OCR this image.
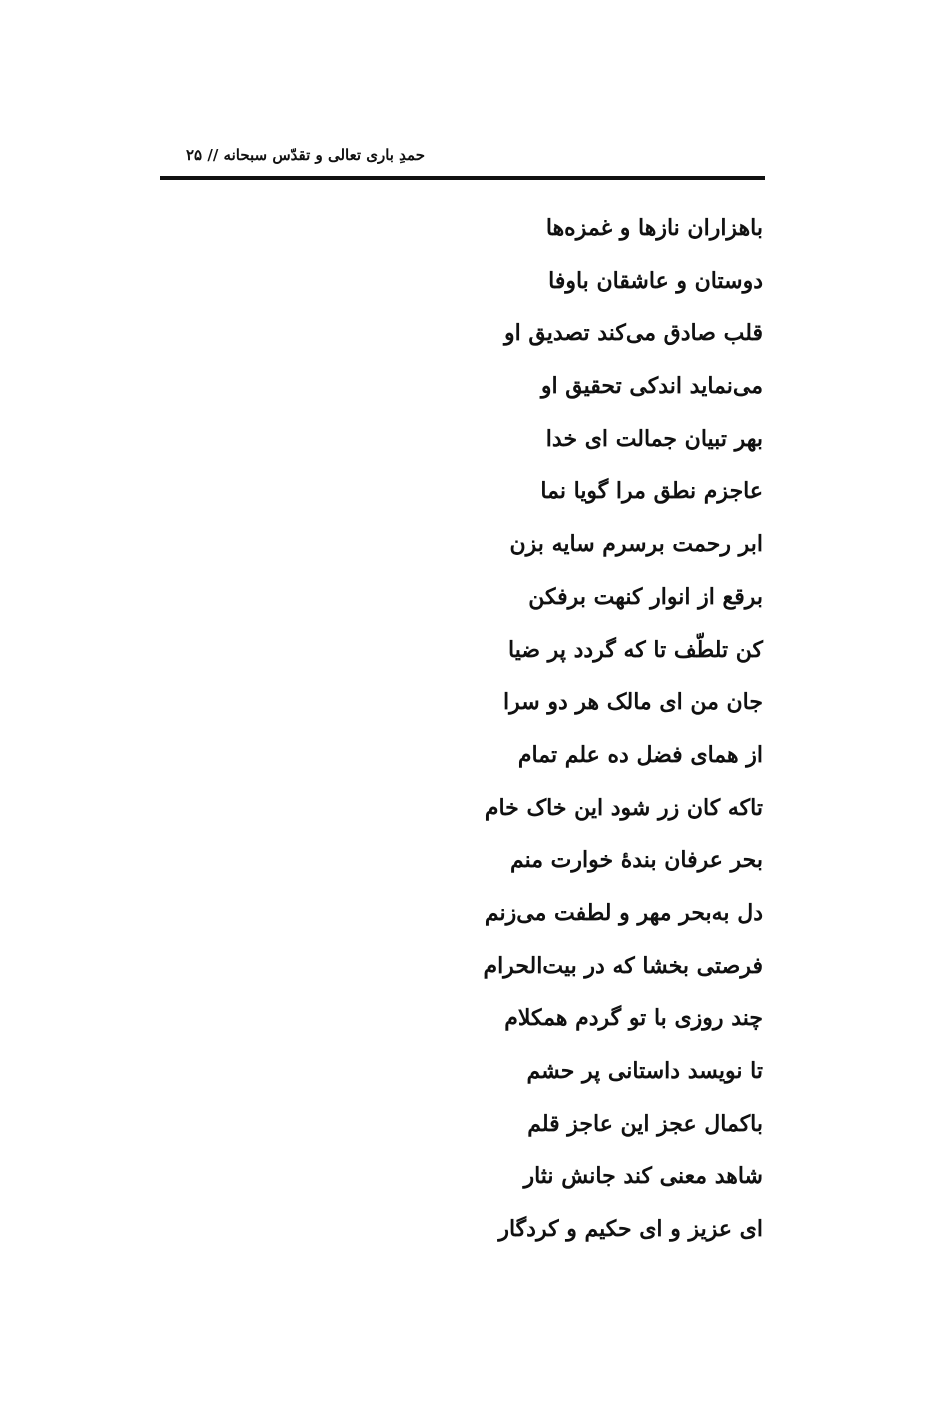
حمدِ باری تعالی و تقدّس سبحانه // ۲۵
باهزاران نازها و غمزه‌ها
دوستان و عاشقان باوفا
قلب صادق می‌کند تصدیق او
می‌نماید اندکی تحقیق او
بهر تبیان جمالت ای خدا
عاجزم نطق مرا گویا نما
ابر رحمت برسرم سایه بزن
برقع از انوار کنهت برفکن
کن تلطّف تا که گردد پر ضیا
جان من ای مالک هر دو سرا
از همای فضل ده علم تمام
تاکه کان زر شود این خاک خام
بحر عرفان بندهٔ خوارت منم
دل به‌بحر مهر و لطفت می‌زنم
فرصتی بخشا که در بیت‌الحرام
چند روزی با تو گردم همکلام
تا نویسد داستانی پر حشم
باکمال عجز این عاجز قلم
شاهد معنی کند جانش نثار
ای عزیز و ای حکیم و کردگار
